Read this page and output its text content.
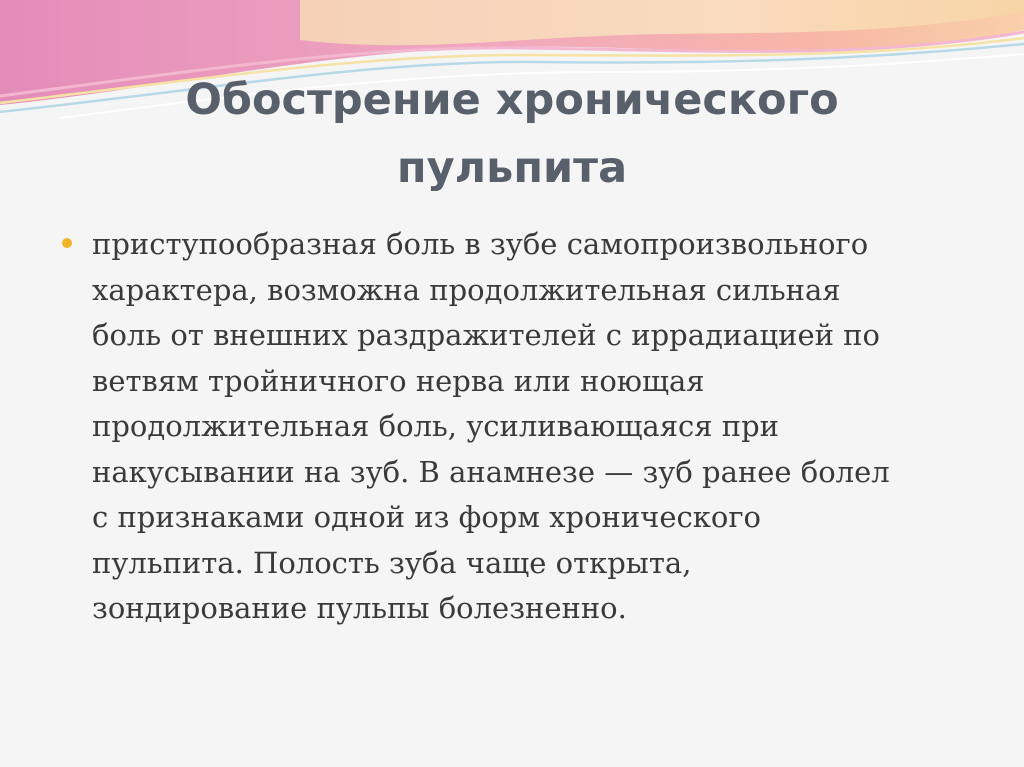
Обострение хронического
пульпита
приступообразная боль в зубе самопроизвольного
характера, возможна продолжительная сильная
боль от внешних раздражителей с иррадиацией по
ветвям тройничного нерва или ноющая
продолжительная боль, усиливающаяся при
накусывании на зуб. В анамнезе — зуб ранее болел
с признаками одной из форм хронического
пульпита. Полость зуба чаще открыта,
зондирование пульпы болезненно.
